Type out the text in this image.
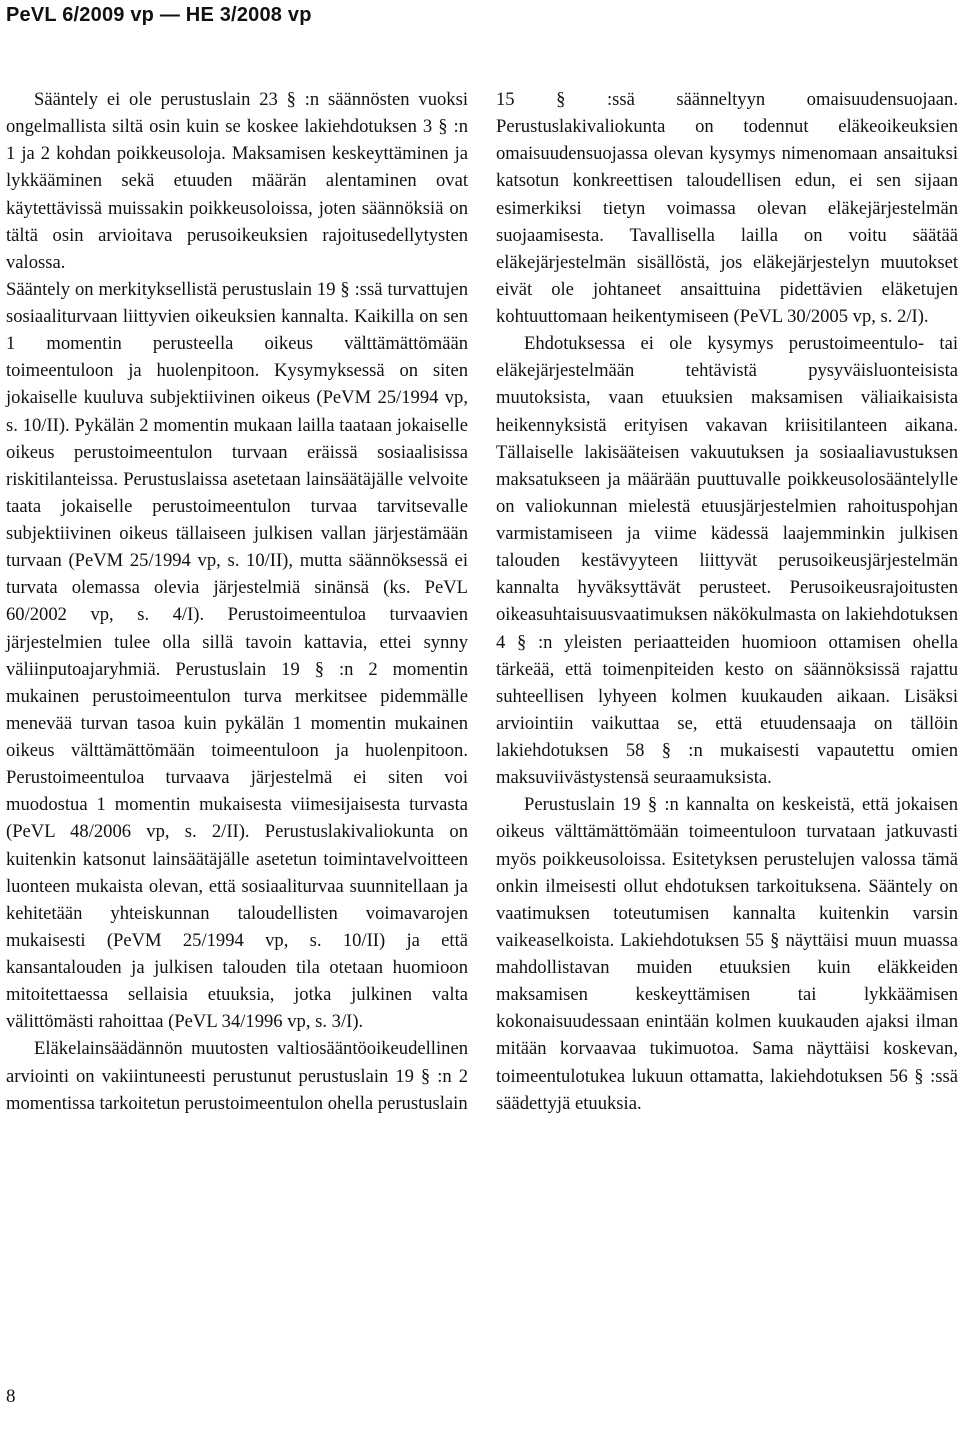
PeVL 6/2009 vp — HE 3/2008 vp

Sääntely ei ole perustuslain 23 § :n säännösten vuoksi ongelmallista siltä osin kuin se koskee lakiehdotuksen 3 § :n 1 ja 2 kohdan poikkeusoloja. Maksamisen keskeyttäminen ja lykkääminen sekä etuuden määrän alentaminen ovat käytettävissä muissakin poikkeusoloissa, joten säännöksiä on tältä osin arvioitava perusoikeuksien rajoitusedellytysten valossa.

Sääntely on merkityksellistä perustuslain 19 § :ssä turvattujen sosiaaliturvaan liittyvien oikeuksien kannalta. Kaikilla on sen 1 momentin perusteella oikeus välttämättömään toimeentuloon ja huolenpitoon. Kysymyksessä on siten jokaiselle kuuluva subjektiivinen oikeus (PeVM 25/1994 vp, s. 10/II). Pykälän 2 momentin mukaan lailla taataan jokaiselle oikeus perustoimeentulon turvaan eräissä sosiaalisissa riskitilanteissa. Perustuslaissa asetetaan lainsäätäjälle velvoite taata jokaiselle perustoimeentulon turvaa tarvitsevalle subjektiivinen oikeus tällaiseen julkisen vallan järjestämään turvaan (PeVM 25/1994 vp, s. 10/II), mutta säännöksessä ei turvata olemassa olevia järjestelmiä sinänsä (ks. PeVL 60/2002 vp, s. 4/I). Perustoimeentuloa turvaavien järjestelmien tulee olla sillä tavoin kattavia, ettei synny väliinputoajaryhmiä. Perustuslain 19 § :n 2 momentin mukainen perustoimeentulon turva merkitsee pidemmälle menevää turvan tasoa kuin pykälän 1 momentin mukainen oikeus välttämättömään toimeentuloon ja huolenpitoon. Perustoimeentuloa turvaava järjestelmä ei siten voi muodostua 1 momentin mukaisesta viimesijaisesta turvasta (PeVL 48/2006 vp, s. 2/II). Perustuslakivaliokunta on kuitenkin katsonut lainsäätäjälle asetetun toimintavelvoitteen luonteen mukaista olevan, että sosiaaliturvaa suunnitellaan ja kehitetään yhteiskunnan taloudellisten voimavarojen mukaisesti (PeVM 25/1994 vp, s. 10/II) ja että kansantalouden ja julkisen talouden tila otetaan huomioon mitoitettaessa sellaisia etuuksia, jotka julkinen valta välittömästi rahoittaa (PeVL 34/1996 vp, s. 3/I).

Eläkelainsäädännön muutosten valtiosääntöoikeudellinen arviointi on vakiintuneesti perustunut perustuslain 19 § :n 2 momentissa tarkoitetun perustoimeentulon ohella perustuslain

15 § :ssä säänneltyyn omaisuudensuojaan. Perustuslakivaliokunta on todennut eläkeoikeuksien omaisuudensuojassa olevan kysymys nimenomaan ansaituksi katsotun konkreettisen taloudellisen edun, ei sen sijaan esimerkiksi tietyn voimassa olevan eläkejärjestelmän suojaamisesta. Tavallisella lailla on voitu säätää eläkejärjestelmän sisällöstä, jos eläkejärjestelyn muutokset eivät ole johtaneet ansaittuina pidettävien eläketujen kohtuuttomaan heikentymiseen (PeVL 30/2005 vp, s. 2/I).

Ehdotuksessa ei ole kysymys perustoimeentulo- tai eläkejärjestelmään tehtävistä pysyväisluonteisista muutoksista, vaan etuuksien maksamisen väliaikaisista heikennyksistä erityisen vakavan kriisitilanteen aikana. Tällaiselle lakisääteisen vakuutuksen ja sosiaaliavustuksen maksatukseen ja määrään puuttuvalle poikkeusolosääntelylle on valiokunnan mielestä etuusjärjestelmien rahoituspohjan varmistamiseen ja viime kädessä laajemminkin julkisen talouden kestävyyteen liittyvät perusoikeusjärjestelmän kannalta hyväksyttävät perusteet. Perusoikeusrajoitusten oikeasuhtaisuusvaatimuksen näkökulmasta on lakiehdotuksen 4 § :n yleisten periaatteiden huomioon ottamisen ohella tärkeää, että toimenpiteiden kesto on säännöksissä rajattu suhteellisen lyhyeen kolmen kuukauden aikaan. Lisäksi arviointiin vaikuttaa se, että etuudensaaja on tällöin lakiehdotuksen 58 § :n mukaisesti vapautettu omien maksuviivästystensä seuraamuksista.

Perustuslain 19 § :n kannalta on keskeistä, että jokaisen oikeus välttämättömään toimeentuloon turvataan jatkuvasti myös poikkeusoloissa. Esitetyksen perustelujen valossa tämä onkin ilmeisesti ollut ehdotuksen tarkoituksena. Sääntely on vaatimuksen toteutumisen kannalta kuitenkin varsin vaikeaselkoista. Lakiehdotuksen 55 § näyttäisi muun muassa mahdollistavan muiden etuuksien kuin eläkkeiden maksamisen keskeyttämisen tai lykkäämisen kokonaisuudessaan enintään kolmen kuukauden ajaksi ilman mitään korvaavaa tukimuotoa. Sama näyttäisi koskevan, toimeentulotukea lukuun ottamatta, lakiehdotuksen 56 § :ssä säädettyjä etuuksia.

8
